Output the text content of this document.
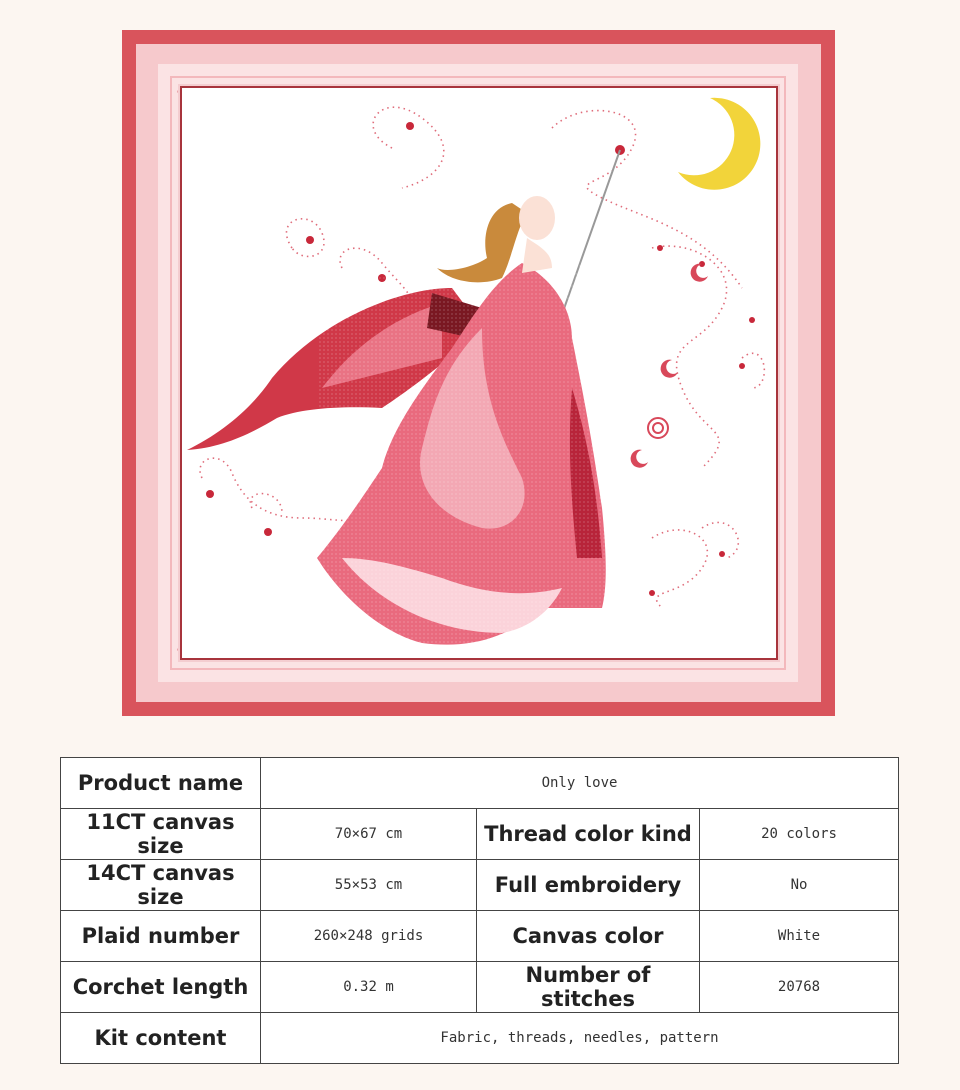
Product name	Only love		
11CT canvas size	70×67 cm	Thread color kind	20 colors
14CT canvas size	55×53 cm	Full embroidery	No
Plaid number	260×248 grids	Canvas color	White
Corchet length	0.32 m	Number of stitches	20768
Kit content	Fabric, threads, needles, pattern		
